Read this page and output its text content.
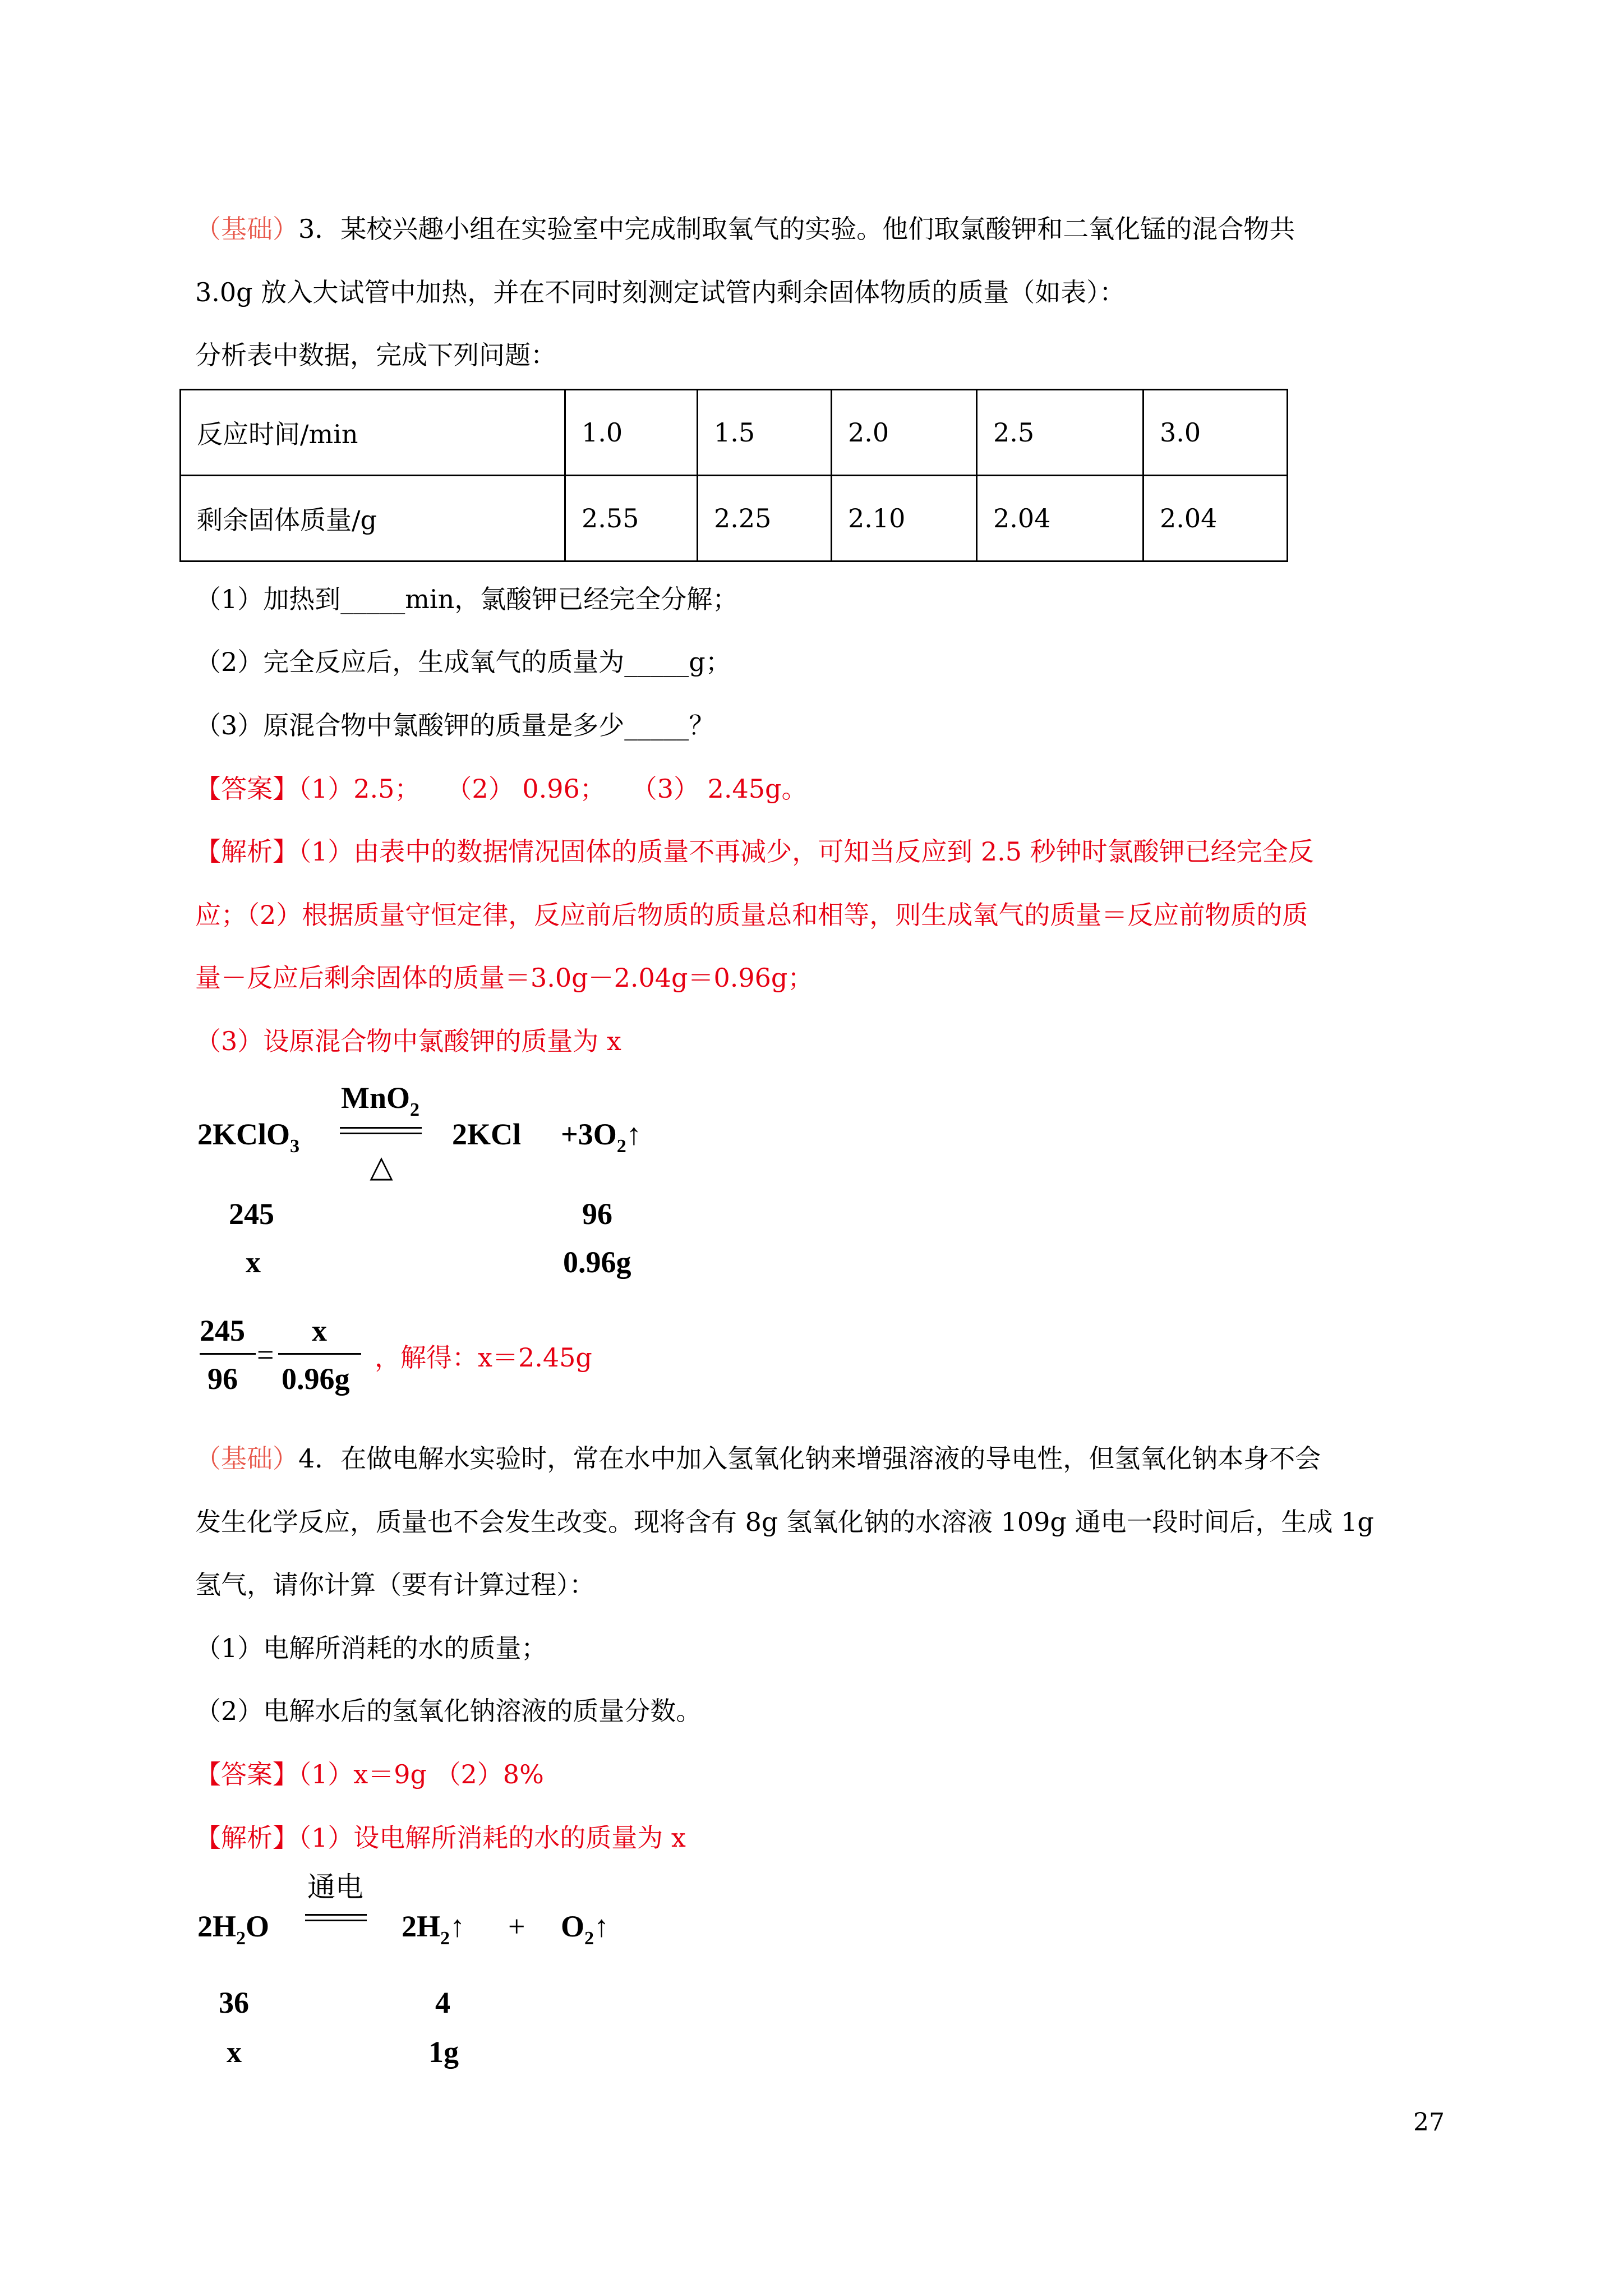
（基础）3．某校兴趣小组在实验室中完成制取氧气的实验。他们取氯酸钾和二氧化锰的混合物共
3.0g 放入大试管中加热，并在不同时刻测定试管内剩余固体物质的质量（如表）：
分析表中数据，完成下列问题：
反应时间/min	1.0	1.5	2.0	2.5	3.0
剩余固体质量/g	2.55	2.25	2.10	2.04	2.04
（1）加热到_____min，氯酸钾已经完全分解；
（2）完全反应后，生成氧气的质量为_____g；
（3）原混合物中氯酸钾的质量是多少_____？
【答案】（1）2.5；　　（2） 0.96；　　（3） 2.45g。
【解析】（1）由表中的数据情况固体的质量不再减少，可知当反应到 2.5 秒钟时氯酸钾已经完全反
应；（2）根据质量守恒定律，反应前后物质的质量总和相等，则生成氧气的质量＝反应前物质的质
量－反应后剩余固体的质量＝3.0g－2.04g＝0.96g；
（3）设原混合物中氯酸钾的质量为 x
2KClO$_3$
MnO$_2$
△
$2KCl +3O_2↑$
245	96
x	0.96g
245
96
=
x
0.96g
，解得：x＝2.45g
（基础）4．在做电解水实验时，常在水中加入氢氧化钠来增强溶液的导电性，但氢氧化钠本身不会
发生化学反应，质量也不会发生改变。现将含有 8g 氢氧化钠的水溶液 109g 通电一段时间后，生成 1g
氢气，请你计算（要有计算过程）：
（1）电解所消耗的水的质量；
（2）电解水后的氢氧化钠溶液的质量分数。
【答案】（1）x＝9g （2）8%
【解析】（1）设电解所消耗的水的质量为 x
$2H_2O$
通电
$2H_2↑$ + $O_2↑$
36	4
x	1g
27
